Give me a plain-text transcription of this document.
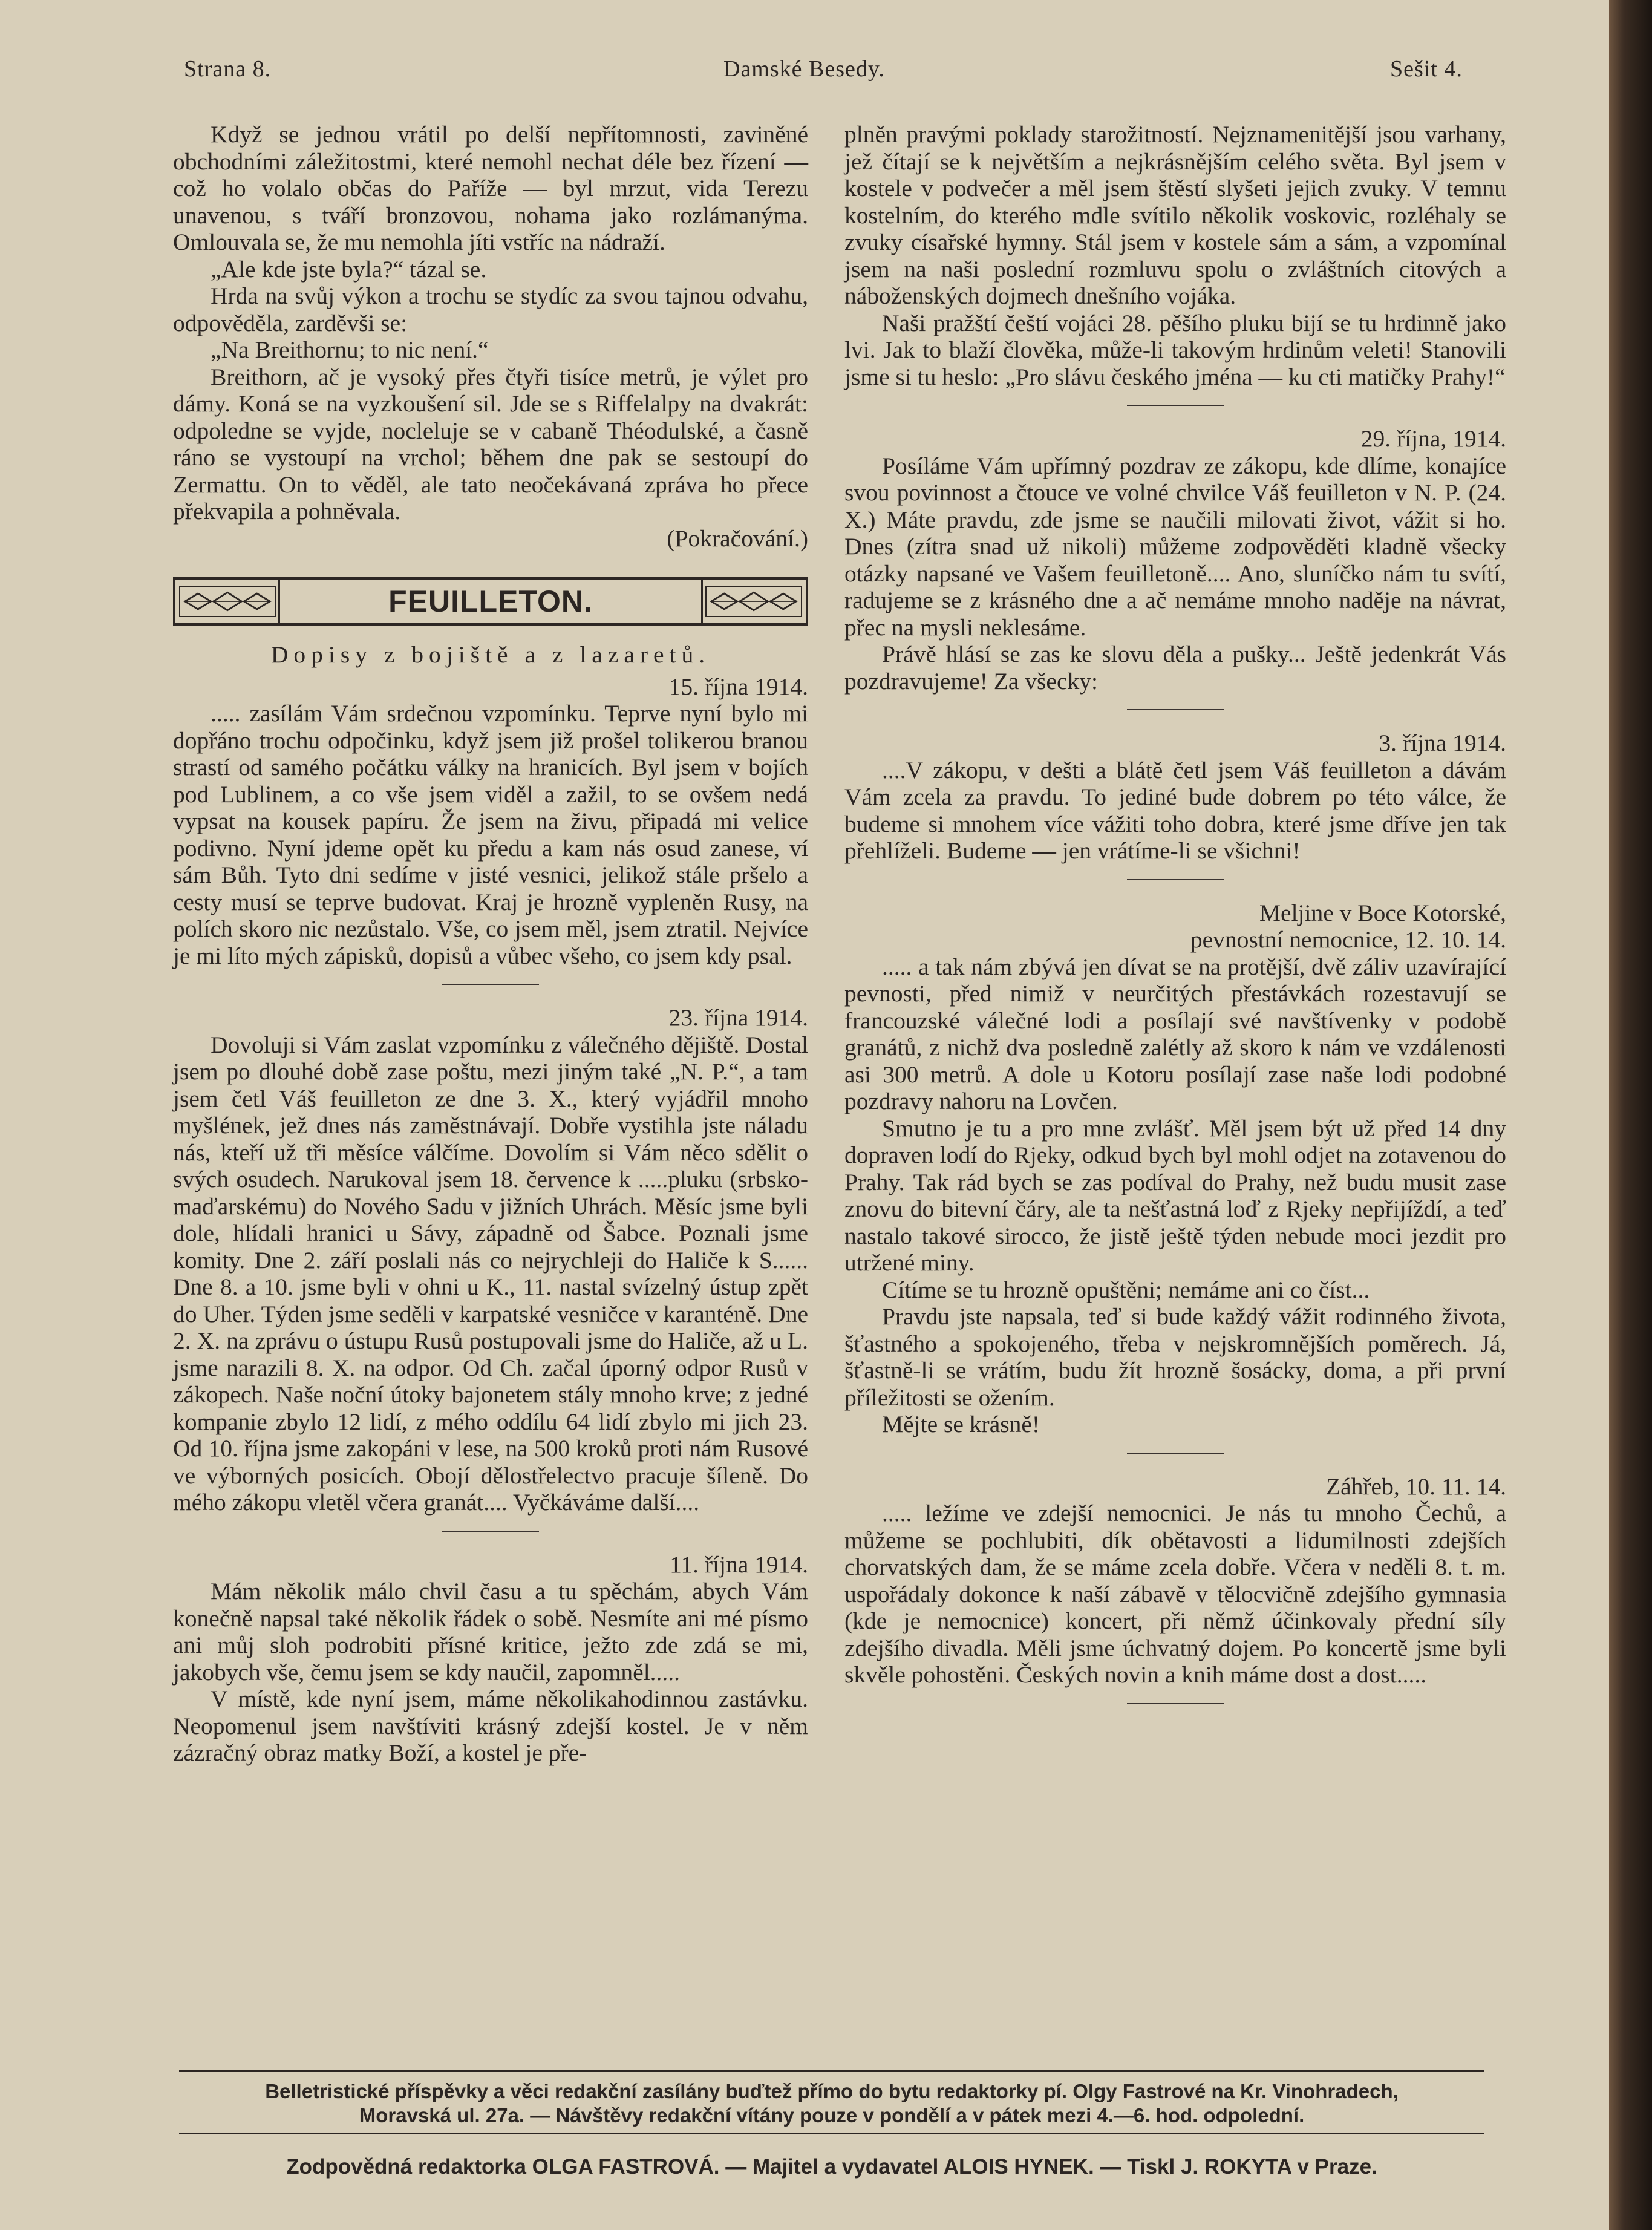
Strana 8.	Damské Besedy.	Sešit 4.

Když se jednou vrátil po delší nepřítomnosti, zaviněné obchodními záležitostmi, které nemohl nechat déle bez řízení — což ho volalo občas do Paříže — byl mrzut, vida Terezu unavenou, s tváří bronzovou, nohama jako rozlámanýma. Omlouvala se, že mu nemohla jíti vstříc na nádraží.

„Ale kde jste byla?“ tázal se.

Hrda na svůj výkon a trochu se stydíc za svou tajnou odvahu, odpověděla, zarděvši se:

„Na Breithornu; to nic není.“

Breithorn, ač je vysoký přes čtyři tisíce metrů, je výlet pro dámy. Koná se na vyzkoušení sil. Jde se s Riffelalpy na dvakrát: odpoledne se vyjde, nocleluje se v cabaně Théodulské, a časně ráno se vystoupí na vrchol; během dne pak se sestoupí do Zermattu. On to věděl, ale tato neočekávaná zpráva ho přece překvapila a pohněvala.

(Pokračování.)
FEUILLETON.
Dopisy z bojiště a z lazaretů.
15. října 1914.

..... zasílám Vám srdečnou vzpomínku. Teprve nyní bylo mi dopřáno trochu odpočinku, když jsem již prošel tolikerou branou strastí od samého počátku války na hranicích. Byl jsem v bojích pod Lublinem, a co vše jsem viděl a zažil, to se ovšem nedá vypsat na kousek papíru. Že jsem na živu, připadá mi velice podivno. Nyní jdeme opět ku předu a kam nás osud zanese, ví sám Bůh. Tyto dni sedíme v jisté vesnici, jelikož stále pršelo a cesty musí se teprve budovat. Kraj je hrozně vypleněn Rusy, na polích skoro nic nezůstalo. Vše, co jsem měl, jsem ztratil. Nejvíce je mi líto mých zápisků, dopisů a vůbec všeho, co jsem kdy psal.

23. října 1914.

Dovoluji si Vám zaslat vzpomínku z válečného dějiště. Dostal jsem po dlouhé době zase poštu, mezi jiným také „N. P.“, a tam jsem četl Váš feuilleton ze dne 3. X., který vyjádřil mnoho myšlének, jež dnes nás zaměstnávají. Dobře vystihla jste náladu nás, kteří už tři měsíce válčíme. Dovolím si Vám něco sdělit o svých osudech. Narukoval jsem 18. července k .....pluku (srbsko-maďarskému) do Nového Sadu v jižních Uhrách. Měsíc jsme byli dole, hlídali hranici u Sávy, západně od Šabce. Poznali jsme komity. Dne 2. září poslali nás co nejrychleji do Haliče k S...... Dne 8. a 10. jsme byli v ohni u K., 11. nastal svízelný ústup zpět do Uher. Týden jsme seděli v karpatské vesničce v karanténě. Dne 2. X. na zprávu o ústupu Rusů postupovali jsme do Haliče, až u L. jsme narazili 8. X. na odpor. Od Ch. začal úporný odpor Rusů v zákopech. Naše noční útoky bajonetem stály mnoho krve; z jedné kompanie zbylo 12 lidí, z mého oddílu 64 lidí zbylo mi jich 23. Od 10. října jsme zakopáni v lese, na 500 kroků proti nám Rusové ve výborných posicích. Obojí dělostřelectvo pracuje šíleně. Do mého zákopu vletěl včera granát.... Vyčkáváme další....

11. října 1914.

Mám několik málo chvil času a tu spěchám, abych Vám konečně napsal také několik řádek o sobě. Nesmíte ani mé písmo ani můj sloh podrobiti přísné kritice, ježto zde zdá se mi, jakobych vše, čemu jsem se kdy naučil, zapomněl.....

V místě, kde nyní jsem, máme několikahodinnou zastávku. Neopomenul jsem navštíviti krásný zdejší kostel. Je v něm zázračný obraz matky Boží, a kostel je pře-

plněn pravými poklady starožitností. Nejznamenitější jsou varhany, jež čítají se k největším a nejkrásnějším celého světa. Byl jsem v kostele v podvečer a měl jsem štěstí slyšeti jejich zvuky. V temnu kostelním, do kterého mdle svítilo několik voskovic, rozléhaly se zvuky císařské hymny. Stál jsem v kostele sám a sám, a vzpomínal jsem na naši poslední rozmluvu spolu o zvláštních citových a náboženských dojmech dnešního vojáka.

Naši pražští čeští vojáci 28. pěšího pluku bijí se tu hrdinně jako lvi. Jak to blaží člověka, může-li takovým hrdinům veleti! Stanovili jsme si tu heslo: „Pro slávu českého jména — ku cti matičky Prahy!“

29. října, 1914.

Posíláme Vám upřímný pozdrav ze zákopu, kde dlíme, konajíce svou povinnost a čtouce ve volné chvilce Váš feuilleton v N. P. (24. X.) Máte pravdu, zde jsme se naučili milovati život, vážit si ho. Dnes (zítra snad už nikoli) můžeme zodpověděti kladně všecky otázky napsané ve Vašem feuilletoně.... Ano, sluníčko nám tu svítí, radujeme se z krásného dne a ač nemáme mnoho naděje na návrat, přec na mysli neklesáme.

Právě hlásí se zas ke slovu děla a pušky... Ještě jedenkrát Vás pozdravujeme! Za všecky:

3. října 1914.

....V zákopu, v dešti a blátě četl jsem Váš feuilleton a dávám Vám zcela za pravdu. To jediné bude dobrem po této válce, že budeme si mnohem více vážiti toho dobra, které jsme dříve jen tak přehlíželi. Budeme — jen vrátíme-li se všichni!

Meljine v Boce Kotorské,
pevnostní nemocnice, 12. 10. 14.

..... a tak nám zbývá jen dívat se na protější, dvě záliv uzavírající pevnosti, před nimiž v neurčitých přestávkách rozestavují se francouzské válečné lodi a posílají své navštívenky v podobě granátů, z nichž dva posledně zalétly až skoro k nám ve vzdálenosti asi 300 metrů. A dole u Kotoru posílají zase naše lodi podobné pozdravy nahoru na Lovčen.

Smutno je tu a pro mne zvlášť. Měl jsem být už před 14 dny dopraven lodí do Rjeky, odkud bych byl mohl odjet na zotavenou do Prahy. Tak rád bych se zas podíval do Prahy, než budu musit zase znovu do bitevní čáry, ale ta nešťastná loď z Rjeky nepřijíždí, a teď nastalo takové sirocco, že jistě ještě týden nebude moci jezdit pro utržené miny.

Cítíme se tu hrozně opuštěni; nemáme ani co číst...

Pravdu jste napsala, teď si bude každý vážit rodinného života, šťastného a spokojeného, třeba v nejskromnějších poměrech. Já, šťastně-li se vrátím, budu žít hrozně šosácky, doma, a při první příležitosti se ožením.

Mějte se krásně!

Záhřeb, 10. 11. 14.

..... ležíme ve zdejší nemocnici. Je nás tu mnoho Čechů, a můžeme se pochlubiti, dík obětavosti a lidumilnosti zdejších chorvatských dam, že se máme zcela dobře. Včera v neděli 8. t. m. uspořádaly dokonce k naší zábavě v tělocvičně zdejšího gymnasia (kde je nemocnice) koncert, při němž účinkovaly přední síly zdejšího divadla. Měli jsme úchvatný dojem. Po koncertě jsme byli skvěle pohostěni. Českých novin a knih máme dost a dost.....

Belletristické příspěvky a věci redakční zasílány buďtež přímo do bytu redaktorky pí. Olgy Fastrové na Kr. Vinohradech,
Moravská ul. 27a. — Návštěvy redakční vítány pouze v pondělí a v pátek mezi 4.—6. hod. odpolední.
Zodpovědná redaktorka OLGA FASTROVÁ. — Majitel a vydavatel ALOIS HYNEK. — Tiskl J. ROKYTA v Praze.
